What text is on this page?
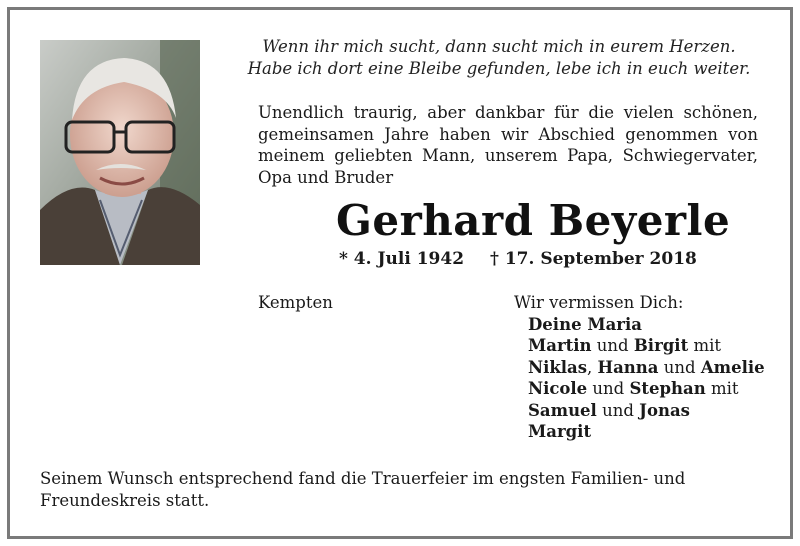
Wenn ihr mich sucht, dann sucht mich in eurem Herzen.
Habe ich dort eine Bleibe gefunden, lebe ich in euch weiter.
Unendlich traurig, aber dankbar für die vielen schönen,
gemeinsamen Jahre haben wir Abschied genommen von
meinem geliebten Mann, unserem Papa, Schwiegervater,
Opa und Bruder
Gerhard Beyerle
* 4. Juli 1942 † 17. September 2018
Kempten	Wir vermissen Dich:
Deine Maria
Martin und Birgit mit
Niklas, Hanna und Amelie
Nicole und Stephan mit
Samuel und Jonas
Margit
Seinem Wunsch entsprechend fand die Trauerfeier im engsten Familien- und
Freundeskreis statt.
